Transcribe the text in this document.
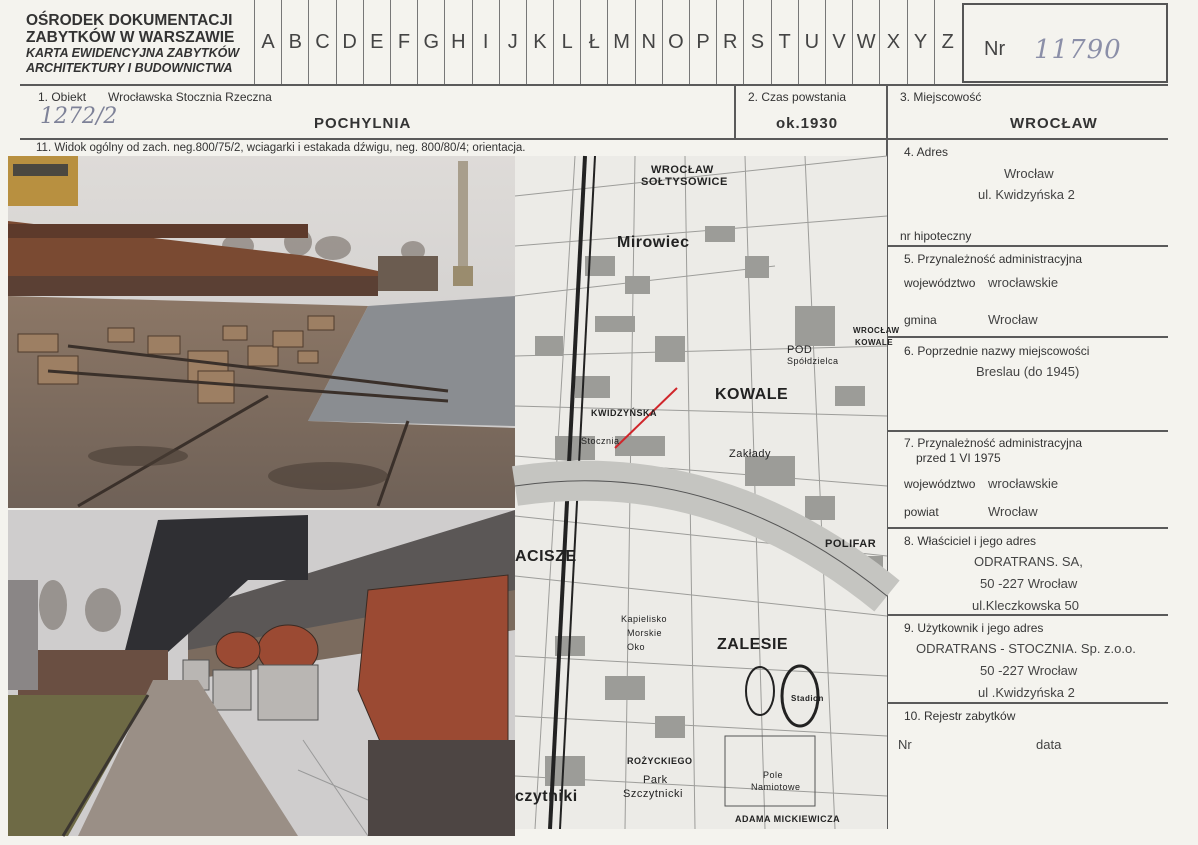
OŚRODEK DOKUMENTACJI
ZABYTKÓW W WARSZAWIE
KARTA EWIDENCYJNA ZABYTKÓW
ARCHITEKTURY I BUDOWNICTWA
A B C D E F G H I J K L Ł M N O P R S T U V W X Y Z	Nr 11790
1. Obiekt Wrocławska Stocznia Rzeczna
1272/2	POCHYLNIA
2. Czas powstania
ok.1930
3. Miejscowość
WROCŁAW
11. Widok ogólny od zach. neg.800/75/2, wciagarki i estakada dźwigu, neg. 800/80/4; orientacja.
WROCŁAW
SOŁTYSOWICE
Mirowiec
KOWALE
KWIDZYŃSKA
Zakłady
POLIFAR
ZALESIE
Pole
Namiotowe
Park
Szczytnicki
ACISZE
czytniki
Stadion
ADAMA MICKIEWICZA
POD
Spółdzielca
Stocznia
Kapielisko
Morskie
Oko
ROŻYCKIEGO
WROCŁAW
KOWALE
4. Adres
Wrocław
ul. Kwidzyńska 2
nr hipoteczny
5. Przynależność administracyjna
województwo wrocławskie
gmina	Wrocław
6. Poprzednie nazwy miejscowości
Breslau (do 1945)
7. Przynależność administracyjna
przed 1 VI 1975
województwo wrocławskie
powiat	Wrocław
8. Właściciel i jego adres
ODRATRANS. SA,
50 -227 Wrocław
ul.Kleczkowska 50
9. Użytkownik i jego adres
ODRATRANS - STOCZNIA. Sp. z.o.o.
50 -227 Wrocław
ul .Kwidzyńska 2
10. Rejestr zabytków
Nr	data
